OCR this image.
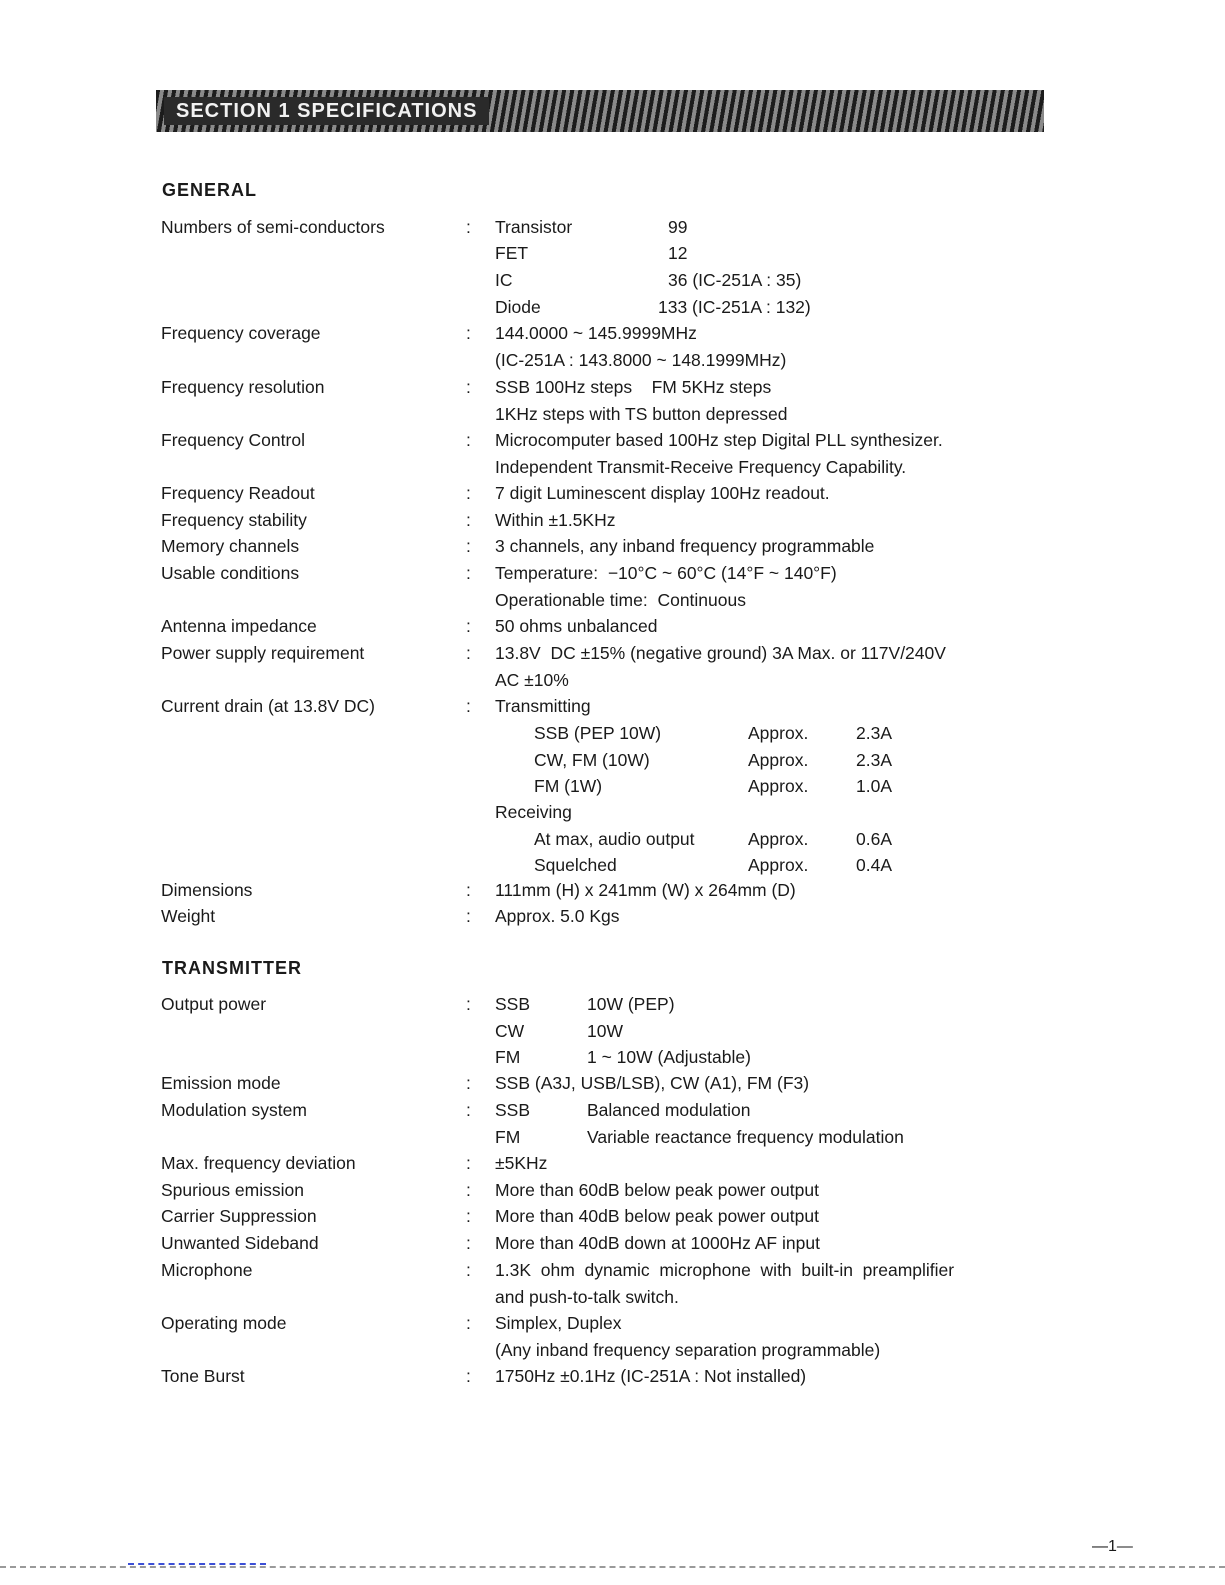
SECTION 1 SPECIFICATIONS
GENERAL
Numbers of semi-conductors	: Transistor	99
FET	12
IC	36 (IC-251A : 35)
Diode	133 (IC-251A : 132)
Frequency coverage	: 144.0000 ~ 145.9999MHz
(IC-251A : 143.8000 ~ 148.1999MHz)
Frequency resolution	: SSB 100Hz steps    FM 5KHz steps
1KHz steps with TS button depressed
Frequency Control	: Microcomputer based 100Hz step Digital PLL synthesizer.
Independent Transmit-Receive Frequency Capability.
Frequency Readout	: 7 digit Luminescent display 100Hz readout.
Frequency stability	: Within ±1.5KHz
Memory channels	: 3 channels, any inband frequency programmable
Usable conditions	: Temperature:  −10°C ~ 60°C (14°F ~ 140°F)
Operationable time:  Continuous
Antenna impedance	: 50 ohms unbalanced
Power supply requirement	: 13.8V  DC ±15% (negative ground) 3A Max. or 117V/240V
AC ±10%
Current drain (at 13.8V DC)	: Transmitting
SSB (PEP 10W)	Approx.	2.3A
CW, FM (10W)	Approx.	2.3A
FM (1W)	Approx.	1.0A
Receiving
At max, audio output	Approx.	0.6A
Squelched	Approx.	0.4A
Dimensions	: 111mm (H) x 241mm (W) x 264mm (D)
Weight	: Approx. 5.0 Kgs
TRANSMITTER
Output power	: SSB	10W (PEP)
CW	10W
FM	1 ~ 10W (Adjustable)
Emission mode	: SSB (A3J, USB/LSB), CW (A1), FM (F3)
Modulation system	: SSB	Balanced modulation
FM	Variable reactance frequency modulation
Max. frequency deviation	: ±5KHz
Spurious emission	: More than 60dB below peak power output
Carrier Suppression	: More than 40dB below peak power output
Unwanted Sideband	: More than 40dB down at 1000Hz AF input
Microphone	: 1.3K  ohm  dynamic  microphone  with  built-in  preamplifier
and push-to-talk switch.
Operating mode	: Simplex, Duplex
(Any inband frequency separation programmable)
Tone Burst	: 1750Hz ±0.1Hz (IC-251A : Not installed)
—1—
